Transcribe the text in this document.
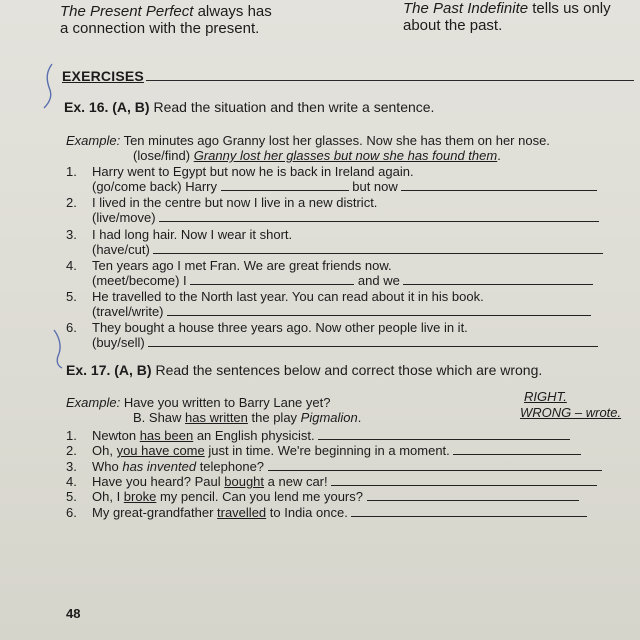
The Present Perfect always has
a connection with the present.
The Past Indefinite tells us only
about the past.
EXERCISES
Ex. 16. (A, B) Read the situation and then write a sentence.
Example: Ten minutes ago Granny lost her glasses. Now she has them on her nose.
(lose/find) Granny lost her glasses but now she has found them.
1. Harry went to Egypt but now he is back in Ireland again.
(go/come back) Harry	but now
2. I lived in the centre but now I live in a new district.
(live/move)
3. I had long hair. Now I wear it short.
(have/cut)
4. Ten years ago I met Fran. We are great friends now.
(meet/become) I	and we
5. He travelled to the North last year. You can read about it in his book.
(travel/write)
6. They bought a house three years ago. Now other people live in it.
(buy/sell)
Ex. 17. (A, B) Read the sentences below and correct those which are wrong.
Example: Have you written to Barry Lane yet?
B. Shaw has written the play Pigmalion.
RIGHT.
WRONG – wrote.
1. Newton has been an English physicist.
2. Oh, you have come just in time. We're beginning in a moment.
3. Who has invented telephone?
4. Have you heard? Paul bought a new car!
5. Oh, I broke my pencil. Can you lend me yours?
6. My great-grandfather travelled to India once.
48
